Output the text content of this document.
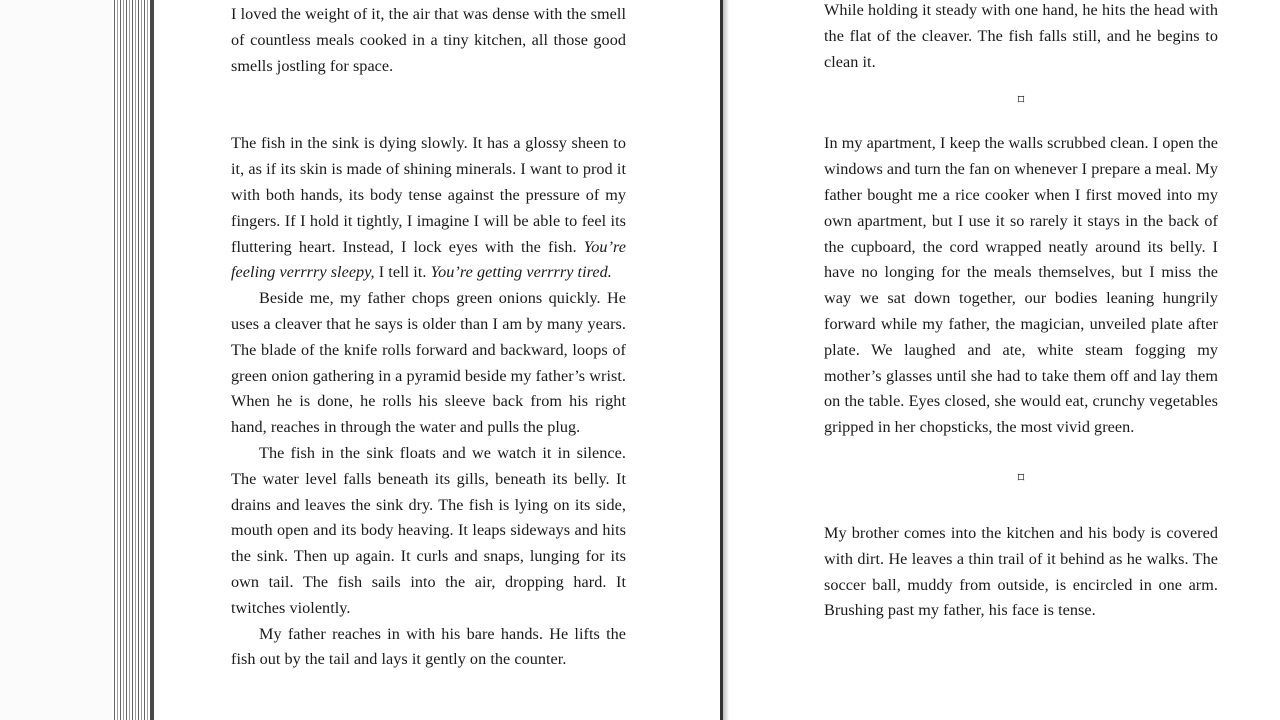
I loved the weight of it, the air that was dense with the smell of countless meals cooked in a tiny kitchen, all those good smells jostling for space.

The fish in the sink is dying slowly. It has a glossy sheen to it, as if its skin is made of shining minerals. I want to prod it with both hands, its body tense against the pressure of my fingers. If I hold it tightly, I imagine I will be able to feel its fluttering heart. Instead, I lock eyes with the fish. You’re feeling verrrry sleepy, I tell it. You’re getting verrrry tired.

Beside me, my father chops green onions quickly. He uses a cleaver that he says is older than I am by many years. The blade of the knife rolls forward and backward, loops of green onion gathering in a pyramid beside my father’s wrist. When he is done, he rolls his sleeve back from his right hand, reaches in through the water and pulls the plug.

The fish in the sink floats and we watch it in silence. The water level falls beneath its gills, beneath its belly. It drains and leaves the sink dry. The fish is lying on its side, mouth open and its body heaving. It leaps sideways and hits the sink. Then up again. It curls and snaps, lunging for its own tail. The fish sails into the air, dropping hard. It twitches violently.

My father reaches in with his bare hands. He lifts the fish out by the tail and lays it gently on the counter.

While holding it steady with one hand, he hits the head with the flat of the cleaver. The fish falls still, and he begins to clean it.

⌑

In my apartment, I keep the walls scrubbed clean. I open the windows and turn the fan on whenever I prepare a meal. My father bought me a rice cooker when I first moved into my own apartment, but I use it so rarely it stays in the back of the cupboard, the cord wrapped neatly around its belly. I have no longing for the meals themselves, but I miss the way we sat down together, our bodies leaning hungrily forward while my father, the magician, unveiled plate after plate. We laughed and ate, white steam fogging my mother’s glasses until she had to take them off and lay them on the table. Eyes closed, she would eat, crunchy vegetables gripped in her chopsticks, the most vivid green.

⌑

My brother comes into the kitchen and his body is covered with dirt. He leaves a thin trail of it behind as he walks. The soccer ball, muddy from outside, is encircled in one arm. Brushing past my father, his face is tense.
